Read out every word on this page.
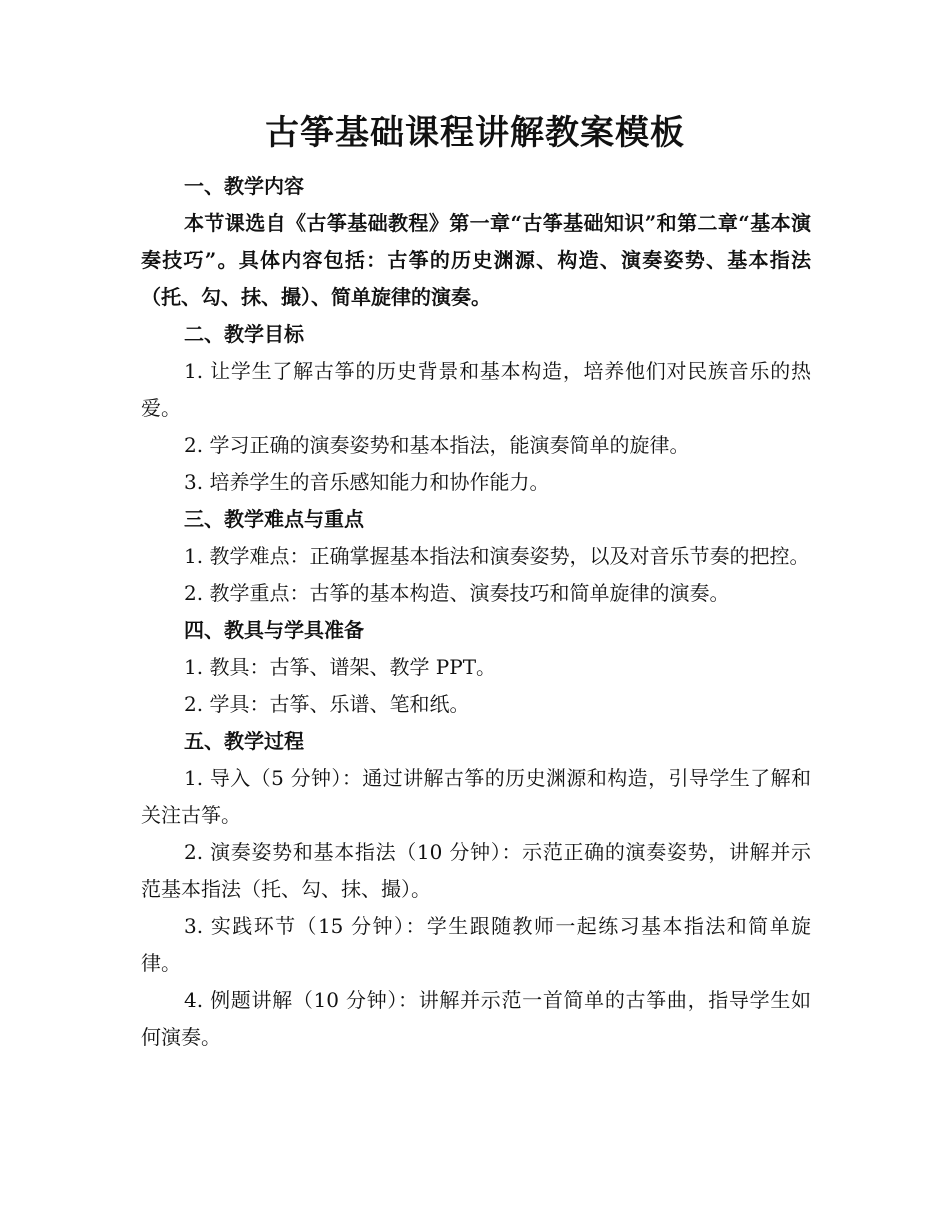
古筝基础课程讲解教案模板

一、教学内容

本节课选自《古筝基础教程》第一章“古筝基础知识”和第二章“基本演奏技巧”。具体内容包括：古筝的历史渊源、构造、演奏姿势、基本指法（托、勾、抹、撮）、简单旋律的演奏。

二、教学目标

1. 让学生了解古筝的历史背景和基本构造，培养他们对民族音乐的热爱。

2. 学习正确的演奏姿势和基本指法，能演奏简单的旋律。

3. 培养学生的音乐感知能力和协作能力。

三、教学难点与重点

1. 教学难点：正确掌握基本指法和演奏姿势，以及对音乐节奏的把控。

2. 教学重点：古筝的基本构造、演奏技巧和简单旋律的演奏。

四、教具与学具准备

1. 教具：古筝、谱架、教学 PPT。

2. 学具：古筝、乐谱、笔和纸。

五、教学过程

1. 导入（5 分钟）：通过讲解古筝的历史渊源和构造，引导学生了解和关注古筝。

2. 演奏姿势和基本指法（10 分钟）：示范正确的演奏姿势，讲解并示范基本指法（托、勾、抹、撮）。

3. 实践环节（15 分钟）：学生跟随教师一起练习基本指法和简单旋律。

4. 例题讲解（10 分钟）：讲解并示范一首简单的古筝曲，指导学生如何演奏。
